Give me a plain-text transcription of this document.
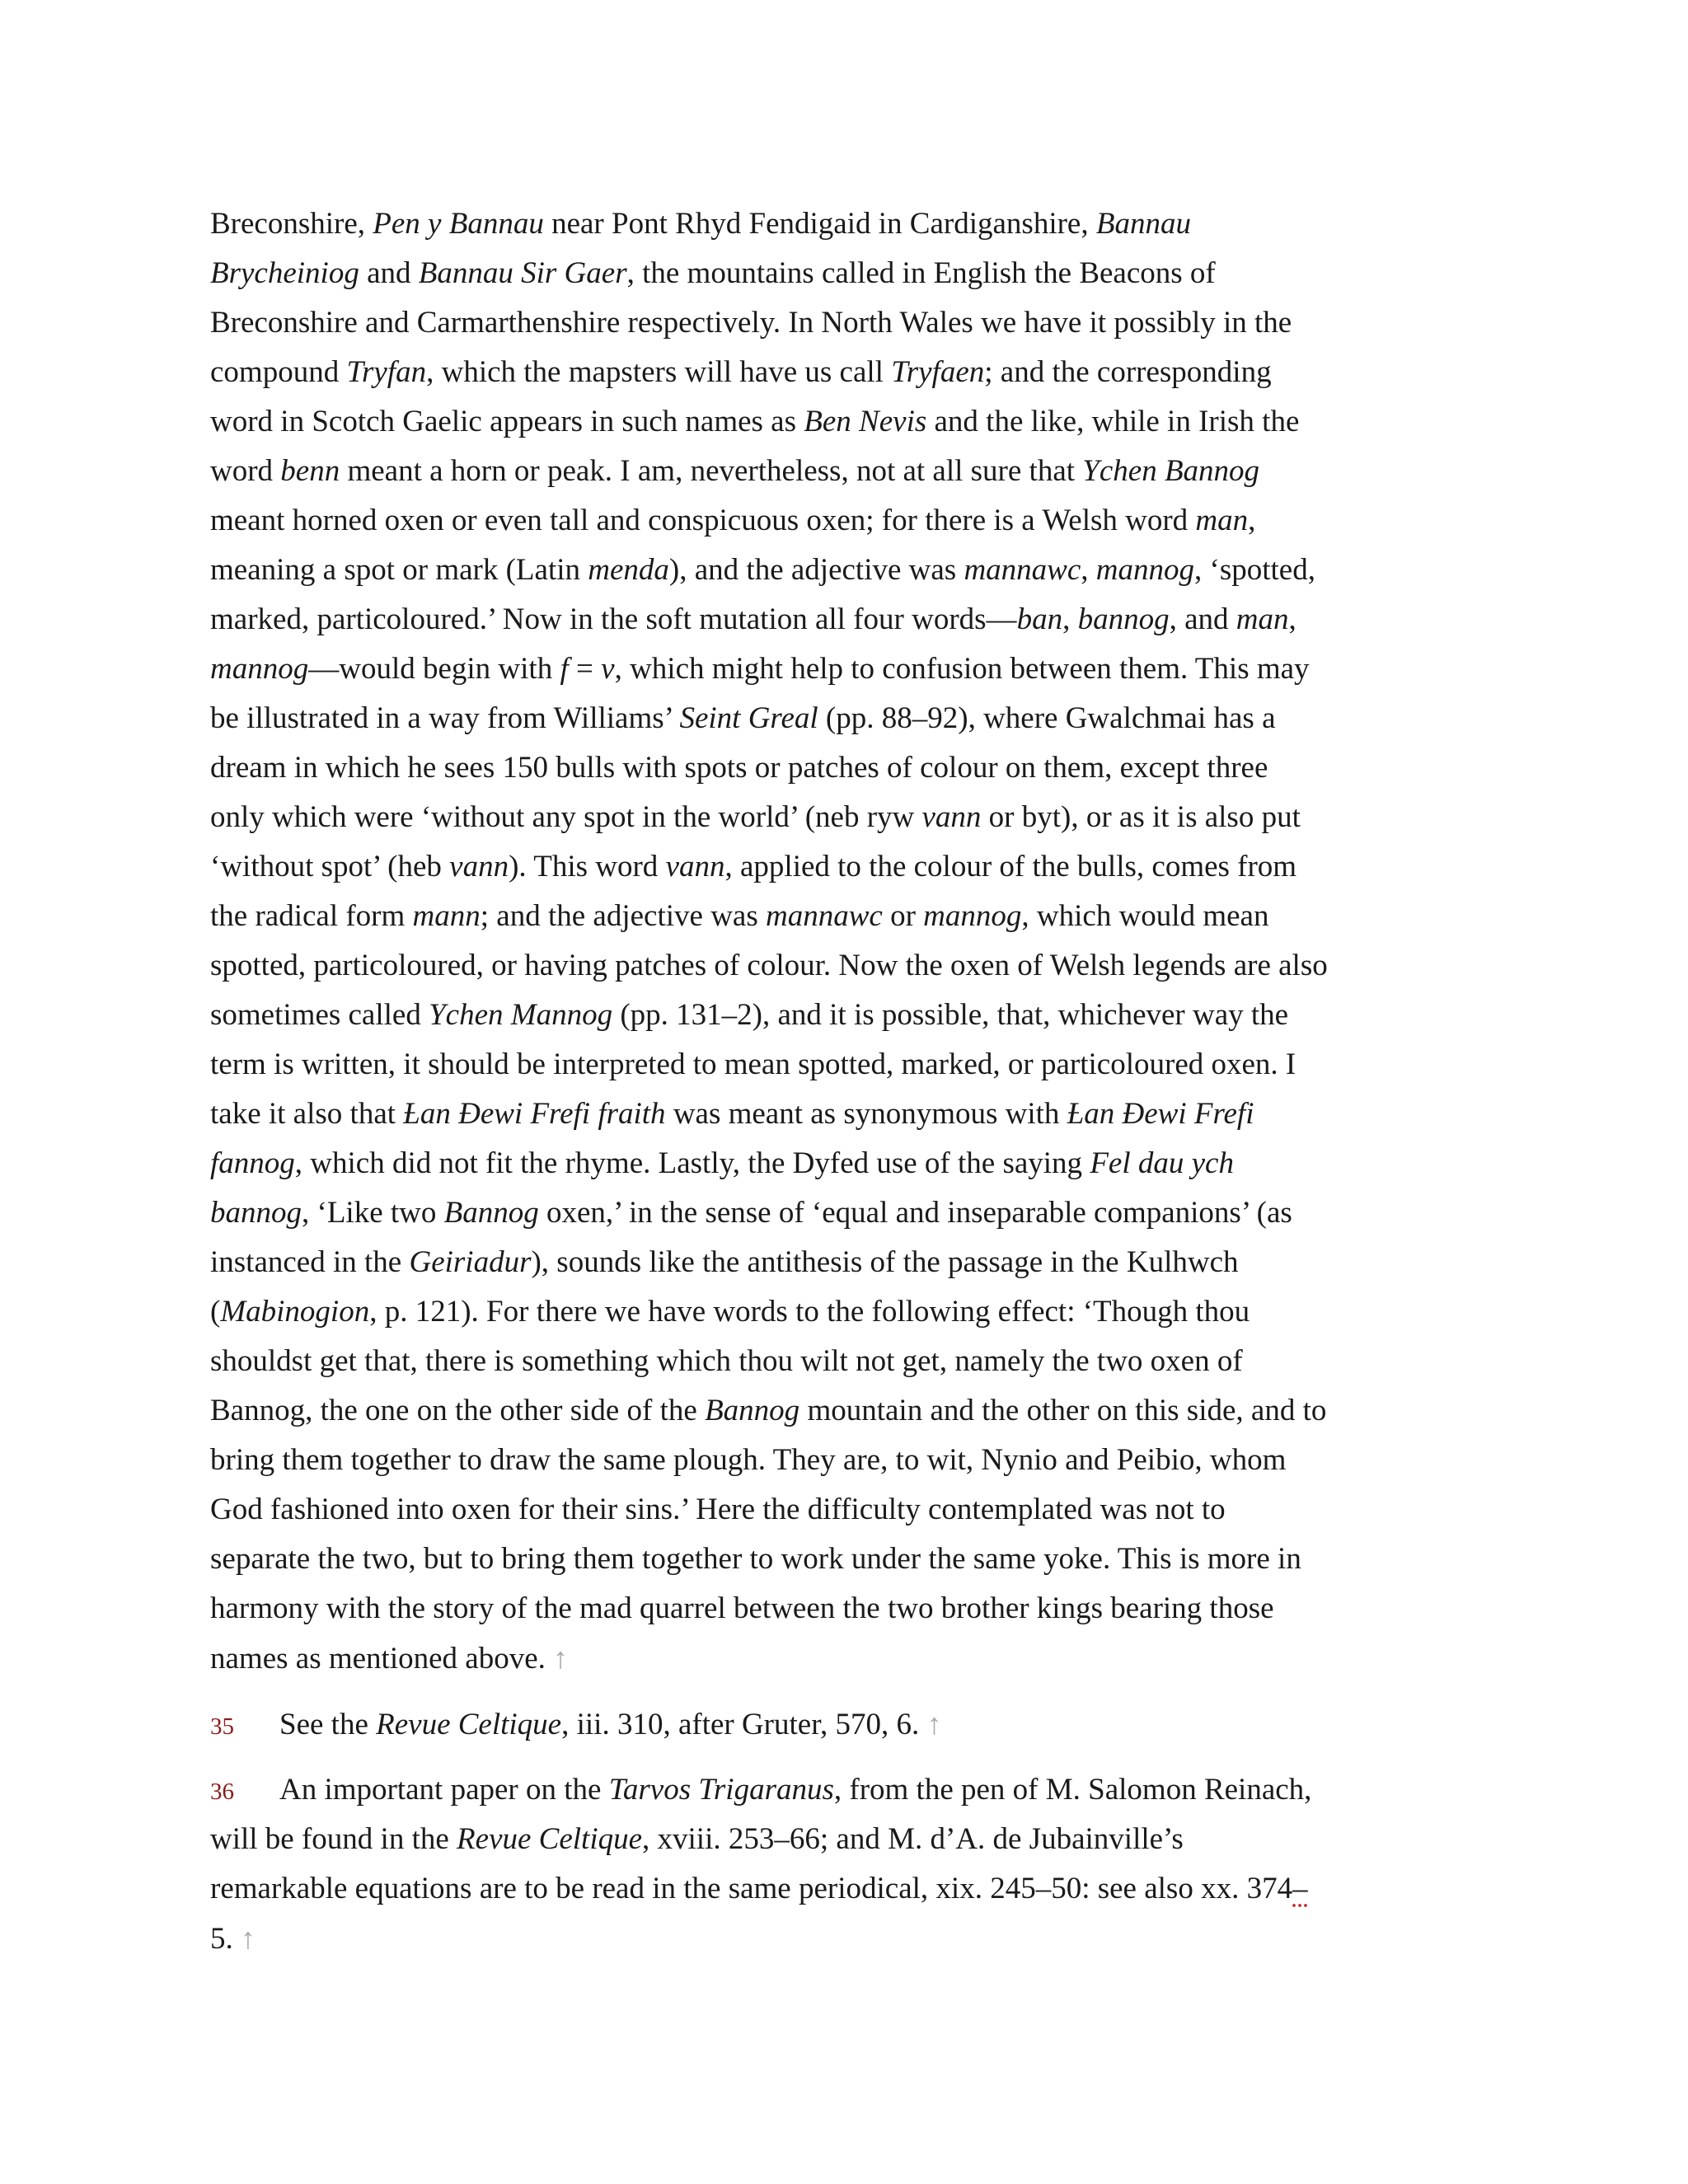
Breconshire, Pen y Bannau near Pont Rhyd Fendigaid in Cardiganshire, Bannau
Brycheiniog and Bannau Sir Gaer, the mountains called in English the Beacons of
Breconshire and Carmarthenshire respectively. In North Wales we have it possibly in the
compound Tryfan, which the mapsters will have us call Tryfaen; and the corresponding
word in Scotch Gaelic appears in such names as Ben Nevis and the like, while in Irish the
word benn meant a horn or peak. I am, nevertheless, not at all sure that Ychen Bannog
meant horned oxen or even tall and conspicuous oxen; for there is a Welsh word man,
meaning a spot or mark (Latin menda), and the adjective was mannawc, mannog, ‘spotted,
marked, particoloured.’ Now in the soft mutation all four words—ban, bannog, and man,
mannog—would begin with f = v, which might help to confusion between them. This may
be illustrated in a way from Williams’ Seint Greal (pp. 88–92), where Gwalchmai has a
dream in which he sees 150 bulls with spots or patches of colour on them, except three
only which were ‘without any spot in the world’ (neb ryw vann or byt), or as it is also put
‘without spot’ (heb vann). This word vann, applied to the colour of the bulls, comes from
the radical form mann; and the adjective was mannawc or mannog, which would mean
spotted, particoloured, or having patches of colour. Now the oxen of Welsh legends are also
sometimes called Ychen Mannog (pp. 131–2), and it is possible, that, whichever way the
term is written, it should be interpreted to mean spotted, marked, or particoloured oxen. I
take it also that Ƚan Đewi Frefi fraith was meant as synonymous with Ƚan Đewi Frefi
fannog, which did not fit the rhyme. Lastly, the Dyfed use of the saying Fel dau ych
bannog, ‘Like two Bannog oxen,’ in the sense of ‘equal and inseparable companions’ (as
instanced in the Geiriadur), sounds like the antithesis of the passage in the Kulhwch
(Mabinogion, p. 121). For there we have words to the following effect: ‘Though thou
shouldst get that, there is something which thou wilt not get, namely the two oxen of
Bannog, the one on the other side of the Bannog mountain and the other on this side, and to
bring them together to draw the same plough. They are, to wit, Nynio and Peibio, whom
God fashioned into oxen for their sins.’ Here the difficulty contemplated was not to
separate the two, but to bring them together to work under the same yoke. This is more in
harmony with the story of the mad quarrel between the two brother kings bearing those
names as mentioned above. ↑
35 See the Revue Celtique, iii. 310, after Gruter, 570, 6. ↑
36 An important paper on the Tarvos Trigaranus, from the pen of M. Salomon Reinach,
will be found in the Revue Celtique, xviii. 253–66; and M. d’A. de Jubainville’s
remarkable equations are to be read in the same periodical, xix. 245–50: see also xx. 374–
5. ↑
